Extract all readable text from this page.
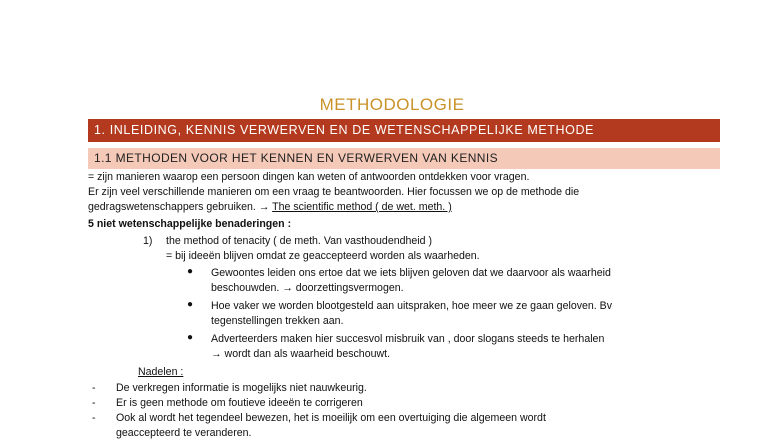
METHODOLOGIE
1. INLEIDING, KENNIS VERWERVEN EN DE WETENSCHAPPELIJKE METHODE
1.1 METHODEN VOOR HET KENNEN EN VERWERVEN VAN KENNIS
= zijn manieren waarop een persoon dingen kan weten of antwoorden ontdekken voor vragen.
Er zijn veel verschillende manieren om een vraag te beantwoorden. Hier focussen we op de methode die
gedragswetenschappers gebruiken. → The scientific method ( de wet. meth. )
5 niet wetenschappelijke benaderingen :
1) the method of tenacity ( de meth. Van vasthoudendheid )
= bij ideeën blijven omdat ze geaccepteerd worden als waarheden.
● Gewoontes leiden ons ertoe dat we iets blijven geloven dat we daarvoor als waarheid
beschouwden. → doorzettingsvermogen.
● Hoe vaker we worden blootgesteld aan uitspraken, hoe meer we ze gaan geloven. Bv
tegenstellingen trekken aan.
● Adverteerders maken hier succesvol misbruik van , door slogans steeds te herhalen
→ wordt dan als waarheid beschouwt.
Nadelen :
- De verkregen informatie is mogelijks niet nauwkeurig.
- Er is geen methode om foutieve ideeën te corrigeren
- Ook al wordt het tegendeel bewezen, het is moeilijk om een overtuiging die algemeen wordt
geaccepteerd te veranderen.
